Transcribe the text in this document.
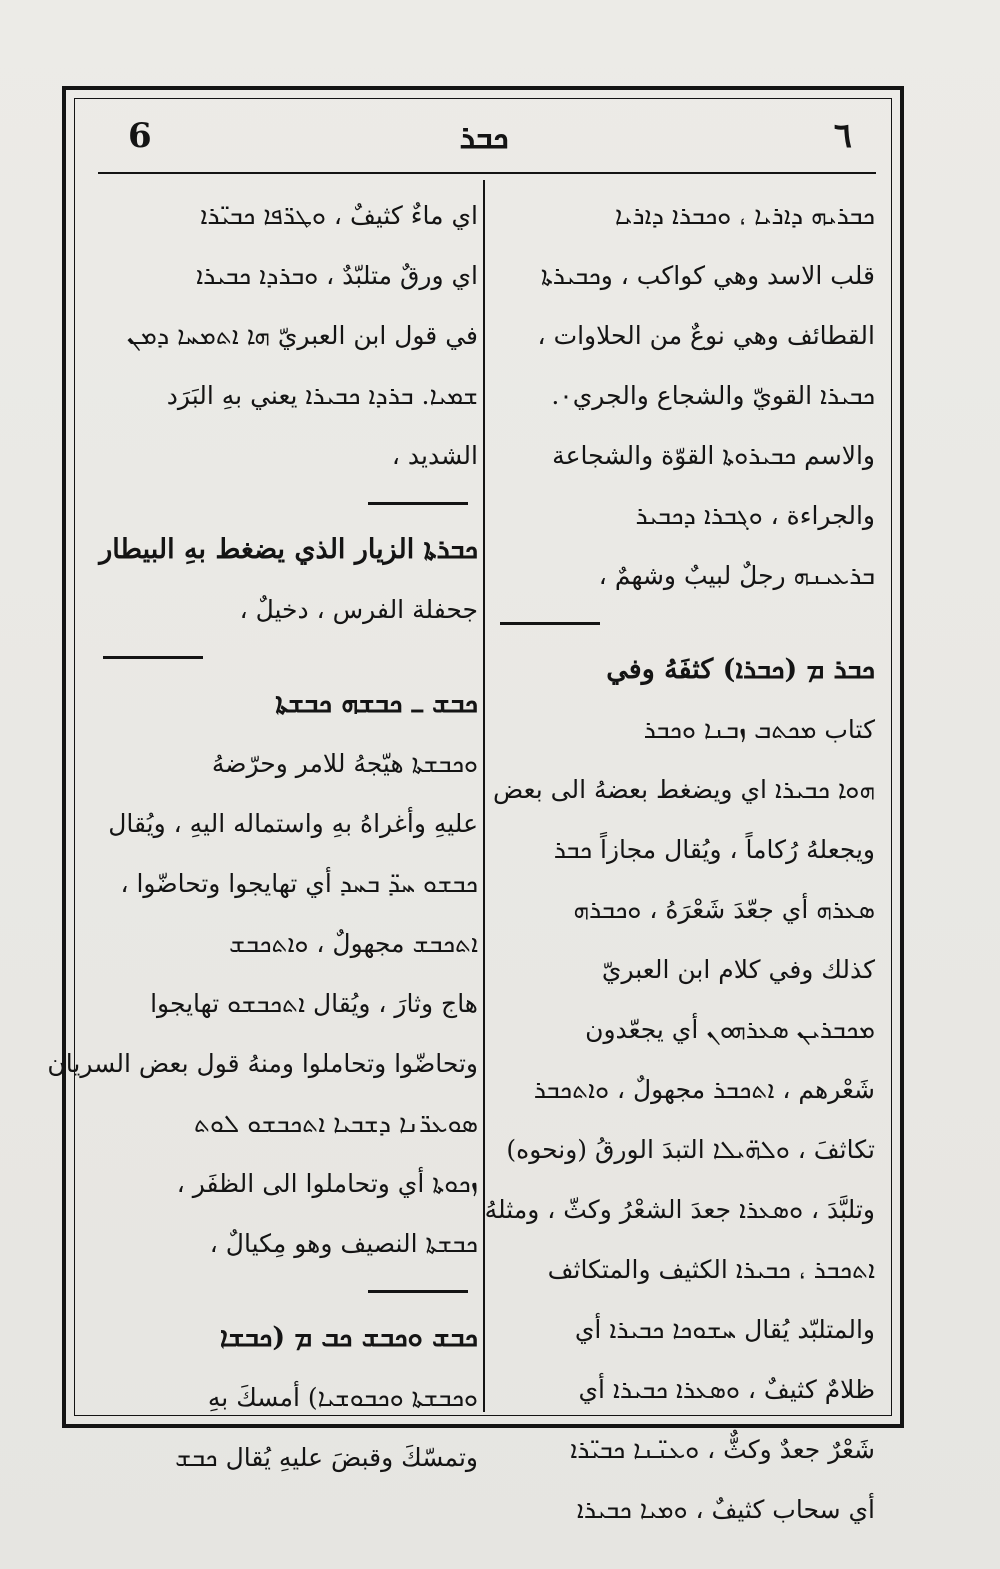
6	ܟܒܪ	٦
ܟܒܪܝܗ ܕܐܪܝܐ ، ܘܟܒܪܐ ܕܐܪܝܐ
قلب الاسد وهي كواكب ، وܟܒܝܪܬܐ
القطائف وهي نوعٌ من الحلاوات ،
ܟܒܝܪܐ القويّ والشجاع والجري٠.
والاسم ܟܒܝܪܘܬܐ القوّة والشجاعة
والجراءة ، ܘܓܒܪܐ ܕܟܒܝܪ
ܒܪܥܝܢܗ رجلٌ لبيبٌ وشهمٌ ،
ܟܒܪ ܡ (ܟܒܪܐ) كثفَهُ وفي
كتاب ܡܟܬܒ ܙܒܢܐ ܘܟܒܪ
ܗܘܐ ܟܒܝܪܐ اي ويضغط بعضهُ الى بعض
ويجعلهُ رُكاماً ، ويُقال مجازاً ܟܒܪ
ܣܥܪܗ أي جعّدَ شَعْرَهُ ، ܘܟܒܪܗ
كذلك وفي كلام ابن العبريّ
ܡܟܒܪܝܢ ܣܥܪܗܘܢ أي يجعّدون
شَعْرهم ، ܐܬܟܒܪ مجهولٌ ، ܘܐܬܟܒܪ
تكاثفَ ، ܘܠܗ̈ܝܠܐ التبدَ الورقُ (ونحوه)
وتلبَّدَ ، ܘܣܥܪܐ جعدَ الشعْرُ وكثّ ، ومثلهُ
ܐܬܟܒܪ ، ܟܒܝܪܐ الكثيف والمتكاثف
والمتلبّد يُقال ܚܫܘܟܐ ܟܒܝܪܐ أي
ظلامٌ كثيفٌ ، ܘܣܥܪܐ ܟܒܝܪܐ أي
شَعْرٌ جعدٌ وكثٌّ ، ܘܥܢ̈ܢܐ ܟܒܝ̈ܪܐ
أي سحاب كثيفٌ ، ܘܡܝܐ ܟܒܝܪܐ
اي ماءٌ كثيفٌ ، ܘܛܪ̈ܦܐ ܟܒܝ̈ܪܐ
اي ورقٌ متلبّدٌ ، ܘܒܪܕܐ ܟܒܝܪܐ
في قول ابن العبريّ ܗܐ ܐܬܡܚܐ ܕܡܢ
ܫܡܝܐ. ܒܪܕܐ ܟܒܝܪܐ يعني بهِ البَرَد
الشديد ،
ܟܒܪܬܐ الزيار الذي يضغط بهِ البيطار
جحفلة الفرس ، دخيلٌ ،
ܟܒܫ ـ ܟܒܫܗ ܟܒܫܬܐ
ܘܟܒܫܬܐ هيّجهُ للامر وحرّضهُ
عليهِ وأغراهُ بهِ واستماله اليهِ ، ويُقال
ܟܒܫܘ ܚܕ̈ ܒܚܕ أي تهايجوا وتحاضّوا ،
ܐܬܟܒܫ مجهولٌ ، ܘܐܬܟܒܫ
هاج وثارَ ، ويُقال ܐܬܟܒܫܘ تهايجوا
وتحاضّوا وتحاملوا ومنهُ قول بعض السريان
ܣܘܥܪ̈ܢܐ ܕܫܒܝܐ ܐܬܟܒܫܘ ܠܘܬ
ܙܟܘܬܐ أي وتحاملوا الى الظفَر ،
ܟܒܫܬܐ النصيف وهو مِكيالٌ ،
ܟܒܫ ܘܟܒܫ ܟܒ ܡ (ܟܒܫܐ
ܘܟܒܫܬܐ ܘܟܒܘܫܝܐ) أمسكَ بهِ
وتمسّكَ وقبضَ عليهِ يُقال ܟܒܫ
